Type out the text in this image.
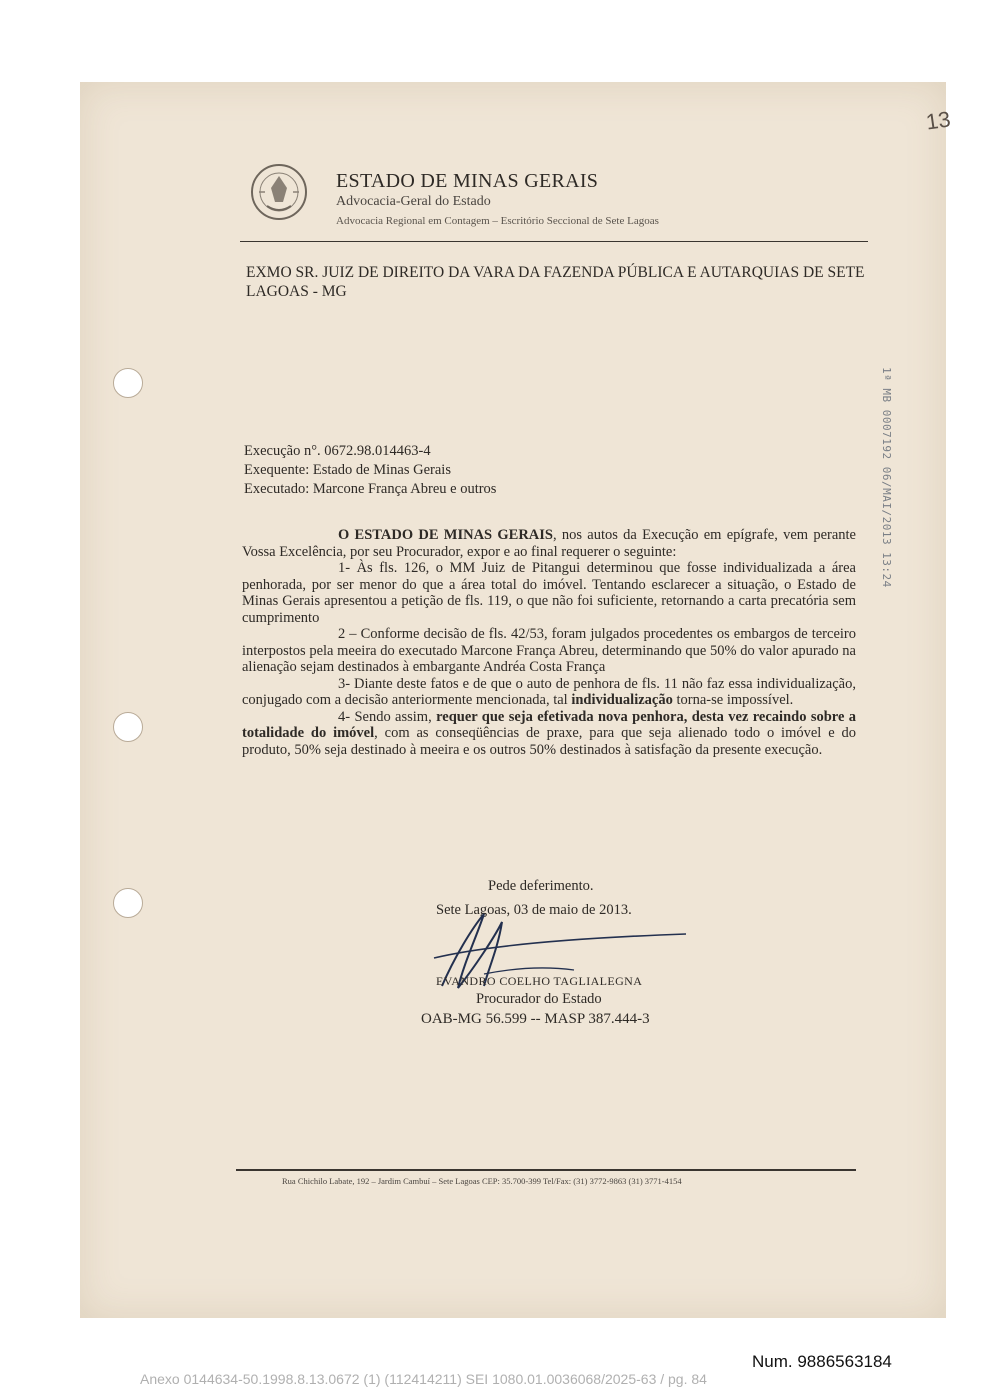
ESTADO DE MINAS GERAIS
Advocacia-Geral do Estado
Advocacia Regional em Contagem – Escritório Seccional de Sete Lagoas
EXMO SR. JUIZ DE DIREITO DA VARA DA FAZENDA PÚBLICA E AUTARQUIAS DE SETE LAGOAS - MG
Execução n°. 0672.98.014463-4
Exequente: Estado de Minas Gerais
Executado: Marcone França Abreu e outros

O ESTADO DE MINAS GERAIS, nos autos da Execução em epígrafe, vem perante Vossa Excelência, por seu Procurador, expor e ao final requerer o seguinte:

1- Às fls. 126, o MM Juiz de Pitangui determinou que fosse individualizada a área penhorada, por ser menor do que a área total do imóvel. Tentando esclarecer a situação, o Estado de Minas Gerais apresentou a petição de fls. 119, o que não foi suficiente, retornando a carta precatória sem cumprimento

2 – Conforme decisão de fls. 42/53, foram julgados procedentes os embargos de terceiro interpostos pela meeira do executado Marcone França Abreu, determinando que 50% do valor apurado na alienação sejam destinados à embargante Andréa Costa França

3- Diante deste fatos e de que o auto de penhora de fls. 11 não faz essa individualização, conjugado com a decisão anteriormente mencionada, tal individualização torna-se impossível.

4- Sendo assim, requer que seja efetivada nova penhora, desta vez recaindo sobre a totalidade do imóvel, com as conseqüências de praxe, para que seja alienado todo o imóvel e do produto, 50% seja destinado à meeira e os outros 50% destinados à satisfação da presente execução.

Pede deferimento.
Sete Lagoas, 03 de maio de 2013.
EVANDRO COELHO TAGLIALEGNA
Procurador do Estado
OAB-MG 56.599 -- MASP 387.444-3
Rua Chichilo Labate, 192 – Jardim Cambuí – Sete Lagoas CEP: 35.700-399 Tel/Fax: (31) 3772-9863 (31) 3771-4154
1ª MB 0007192 06/MAI/2013 13:24
13
Num. 9886563184
Anexo 0144634-50.1998.8.13.0672 (1) (112414211) SEI 1080.01.0036068/2025-63 / pg. 84
